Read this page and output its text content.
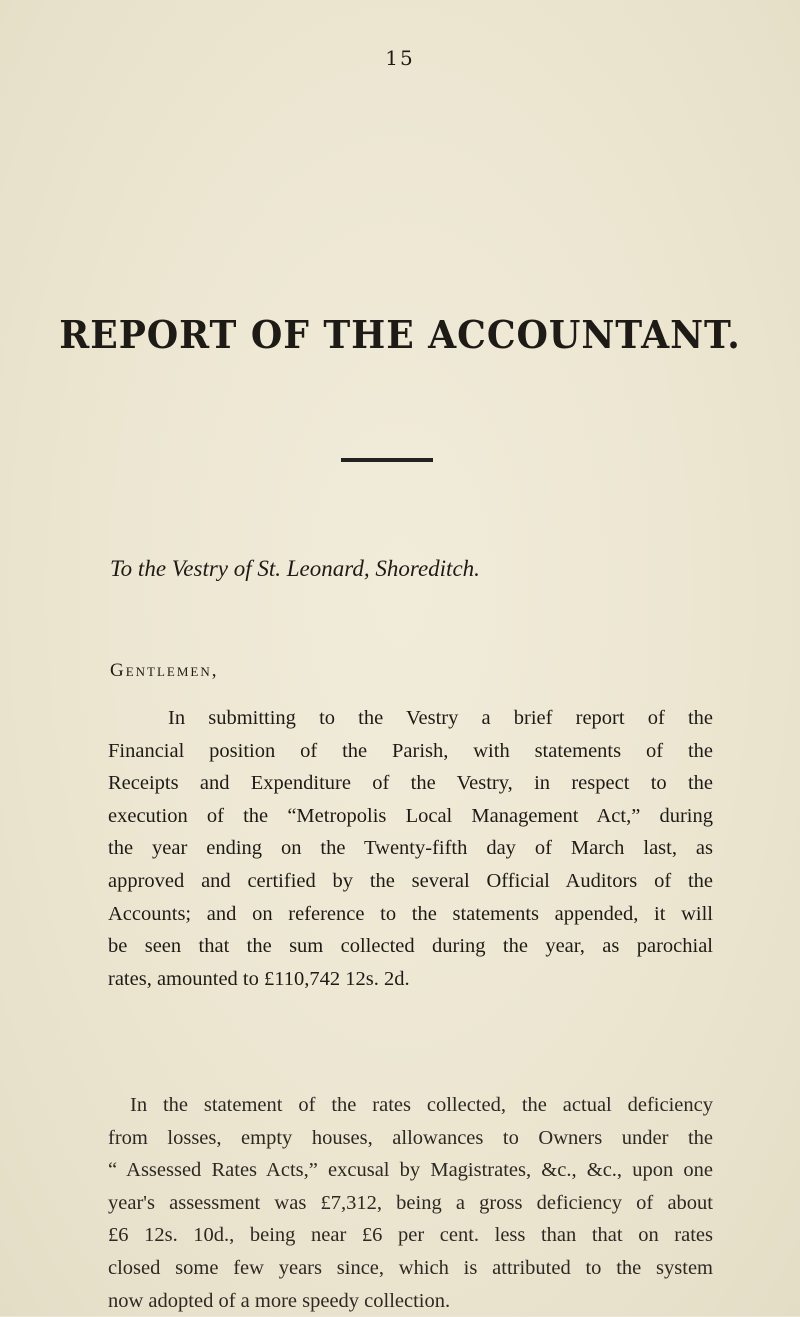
15
REPORT OF THE ACCOUNTANT.
To the Vestry of St. Leonard, Shoreditch.
Gentlemen,
In submitting to the Vestry a brief report of the
Financial position of the Parish, with statements of the
Receipts and Expenditure of the Vestry, in respect to the
execution of the “Metropolis Local Management Act,” during
the year ending on the Twenty-fifth day of March last, as
approved and certified by the several Official Auditors of the
Accounts; and on reference to the statements appended, it will
be seen that the sum collected during the year, as parochial
rates, amounted to £110,742 12s. 2d.
In the statement of the rates collected, the actual deficiency
from losses, empty houses, allowances to Owners under the
“ Assessed Rates Acts,” excusal by Magistrates, &c., &c., upon one
year's assessment was £7,312, being a gross deficiency of about
£6 12s. 10d., being near £6 per cent. less than that on rates
closed some few years since, which is attributed to the system
now adopted of a more speedy collection.
